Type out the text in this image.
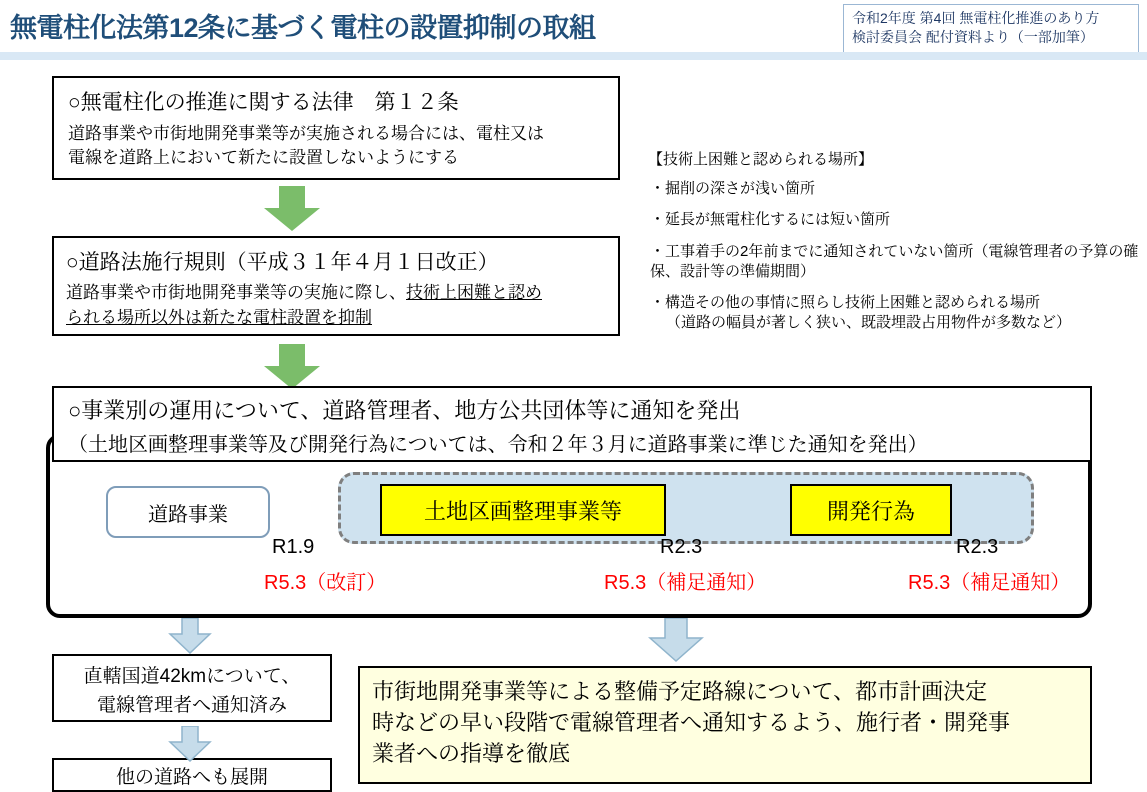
無電柱化法第12条に基づく電柱の設置抑制の取組	令和2年度 第4回 無電柱化推進のあり方
検討委員会 配付資料より（一部加筆）
○無電柱化の推進に関する法律　第１２条
道路事業や市街地開発事業等が実施される場合には、電柱又は
電線を道路上において新たに設置しないようにする
○道路法施行規則（平成３１年４月１日改正）
道路事業や市街地開発事業等の実施に際し、技術上困難と認め
られる場所以外は新たな電柱設置を抑制
【技術上困難と認められる場所】
・掘削の深さが浅い箇所
・延長が無電柱化するには短い箇所
・工事着手の2年前までに通知されていない箇所（電線管理者の予算の確保、設計等の準備期間）
・構造その他の事情に照らし技術上困難と認められる場所
（道路の幅員が著しく狭い、既設埋設占用物件が多数など）
○事業別の運用について、道路管理者、地方公共団体等に通知を発出
（土地区画整理事業等及び開発行為については、令和２年３月に道路事業に準じた通知を発出）
道路事業	土地区画整理事業等	開発行為
R1.9
R5.3（改訂）
R2.3
R5.3（補足通知）
R2.3
R5.3（補足通知）
直轄国道42kmについて、
電線管理者へ通知済み
他の道路へも展開
市街地開発事業等による整備予定路線について、都市計画決定
時などの早い段階で電線管理者へ通知するよう、施行者・開発事
業者への指導を徹底
